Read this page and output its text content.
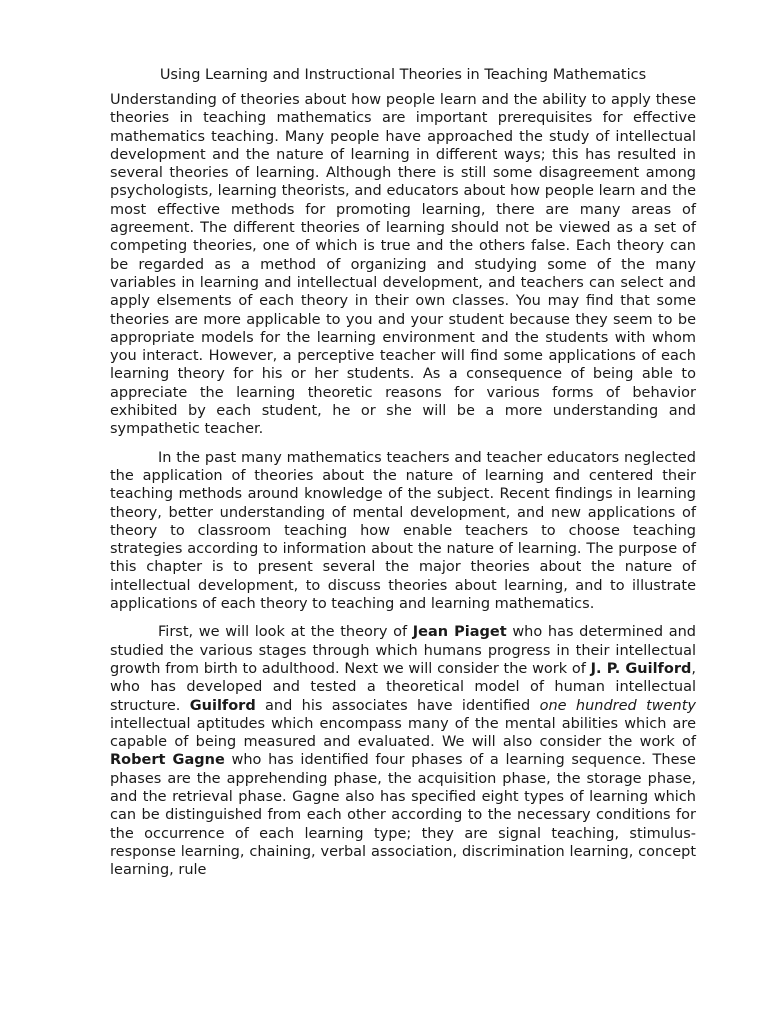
Using Learning and Instructional Theories in Teaching Mathematics

Understanding of theories about how people learn and the ability to apply these theories in teaching mathematics are important prerequisites for effective mathematics teaching. Many people have approached the study of intellectual development and the nature of learning in different ways; this has resulted in several theories of learning. Although there is still some disagreement among psychologists, learning theorists, and educators about how people learn and the most effective methods for promoting learning, there are many areas of agreement. The different theories of learning should not be viewed as a set of competing theories, one of which is true and the others false. Each theory can be regarded as a method of organizing and studying some of the many variables in learning and intellectual development, and teachers can select and apply elsements of each theory in their own classes. You may find that some theories are more applicable to you and your student because they seem to be appropriate models for the learning environment and the students with whom you interact. However, a perceptive teacher will find some applications of each learning theory for his or her students. As a consequence of being able to appreciate the learning theoretic reasons for various forms of behavior exhibited by each student, he or she will be a more understanding and sympathetic teacher.

In the past many mathematics teachers and teacher educators neglected the application of theories about the nature of learning and centered their teaching methods around knowledge of the subject. Recent findings in learning theory, better understanding of mental development, and new applications of theory to classroom teaching how enable teachers to choose teaching strategies according to information about the nature of learning. The purpose of this chapter is to present several the major theories about the nature of intellectual development, to discuss theories about learning, and to illustrate applications of each theory to teaching and learning mathematics.

First, we will look at the theory of Jean Piaget who has determined and studied the various stages through which humans progress in their intellectual growth from birth to adulthood. Next we will consider the work of J. P. Guilford, who has developed and tested a theoretical model of human intellectual structure. Guilford and his associates have identified one hundred twenty intellectual aptitudes which encompass many of the mental abilities which are capable of being measured and evaluated. We will also consider the work of Robert Gagne who has identified four phases of a learning sequence. These phases are the apprehending phase, the acquisition phase, the storage phase, and the retrieval phase. Gagne also has specified eight types of learning which can be distinguished from each other according to the necessary conditions for the occurrence of each learning type; they are signal teaching, stimulus-response learning, chaining, verbal association, discrimination learning, concept learning, rule
